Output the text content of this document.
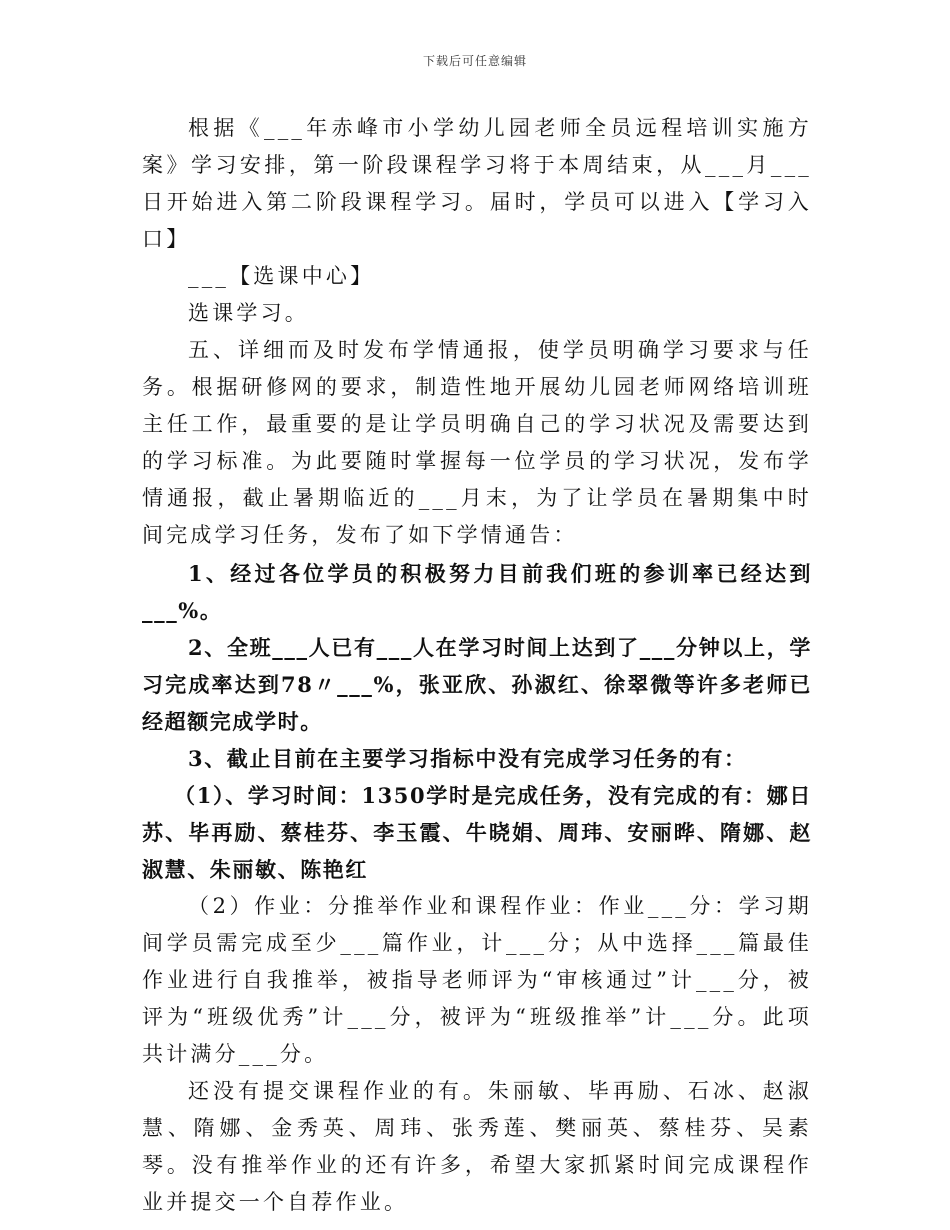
下载后可任意编辑

根据《___年赤峰市小学幼儿园老师全员远程培训实施方案》学习安排，第一阶段课程学习将于本周结束，从___月___日开始进入第二阶段课程学习。届时，学员可以进入【学习入口】

___【选课中心】

选课学习。

五、详细而及时发布学情通报，使学员明确学习要求与任务。根据研修网的要求，制造性地开展幼儿园老师网络培训班主任工作，最重要的是让学员明确自己的学习状况及需要达到的学习标准。为此要随时掌握每一位学员的学习状况，发布学情通报，截止暑期临近的___月末，为了让学员在暑期集中时间完成学习任务，发布了如下学情通告：

1、经过各位学员的积极努力目前我们班的参训率已经达到___%。

2、全班___人已有___人在学习时间上达到了___分钟以上，学习完成率达到78〃___%，张亚欣、孙淑红、徐翠微等许多老师已经超额完成学时。

3、截止目前在主要学习指标中没有完成学习任务的有：

（1）、学习时间：1350学时是完成任务，没有完成的有：娜日苏、毕再励、蔡桂芬、李玉霞、牛晓娟、周玮、安丽晔、隋娜、赵淑慧、朱丽敏、陈艳红

（2）作业：分推举作业和课程作业：作业___分：学习期间学员需完成至少___篇作业，计___分；从中选择___篇最佳作业进行自我推举，被指导老师评为“审核通过”计___分，被评为“班级优秀”计___分，被评为“班级推举”计___分。此项共计满分___分。

还没有提交课程作业的有。朱丽敏、毕再励、石冰、赵淑慧、隋娜、金秀英、周玮、张秀莲、樊丽英、蔡桂芬、吴素琴。没有推举作业的还有许多，希望大家抓紧时间完成课程作业并提交一个自荐作业。
